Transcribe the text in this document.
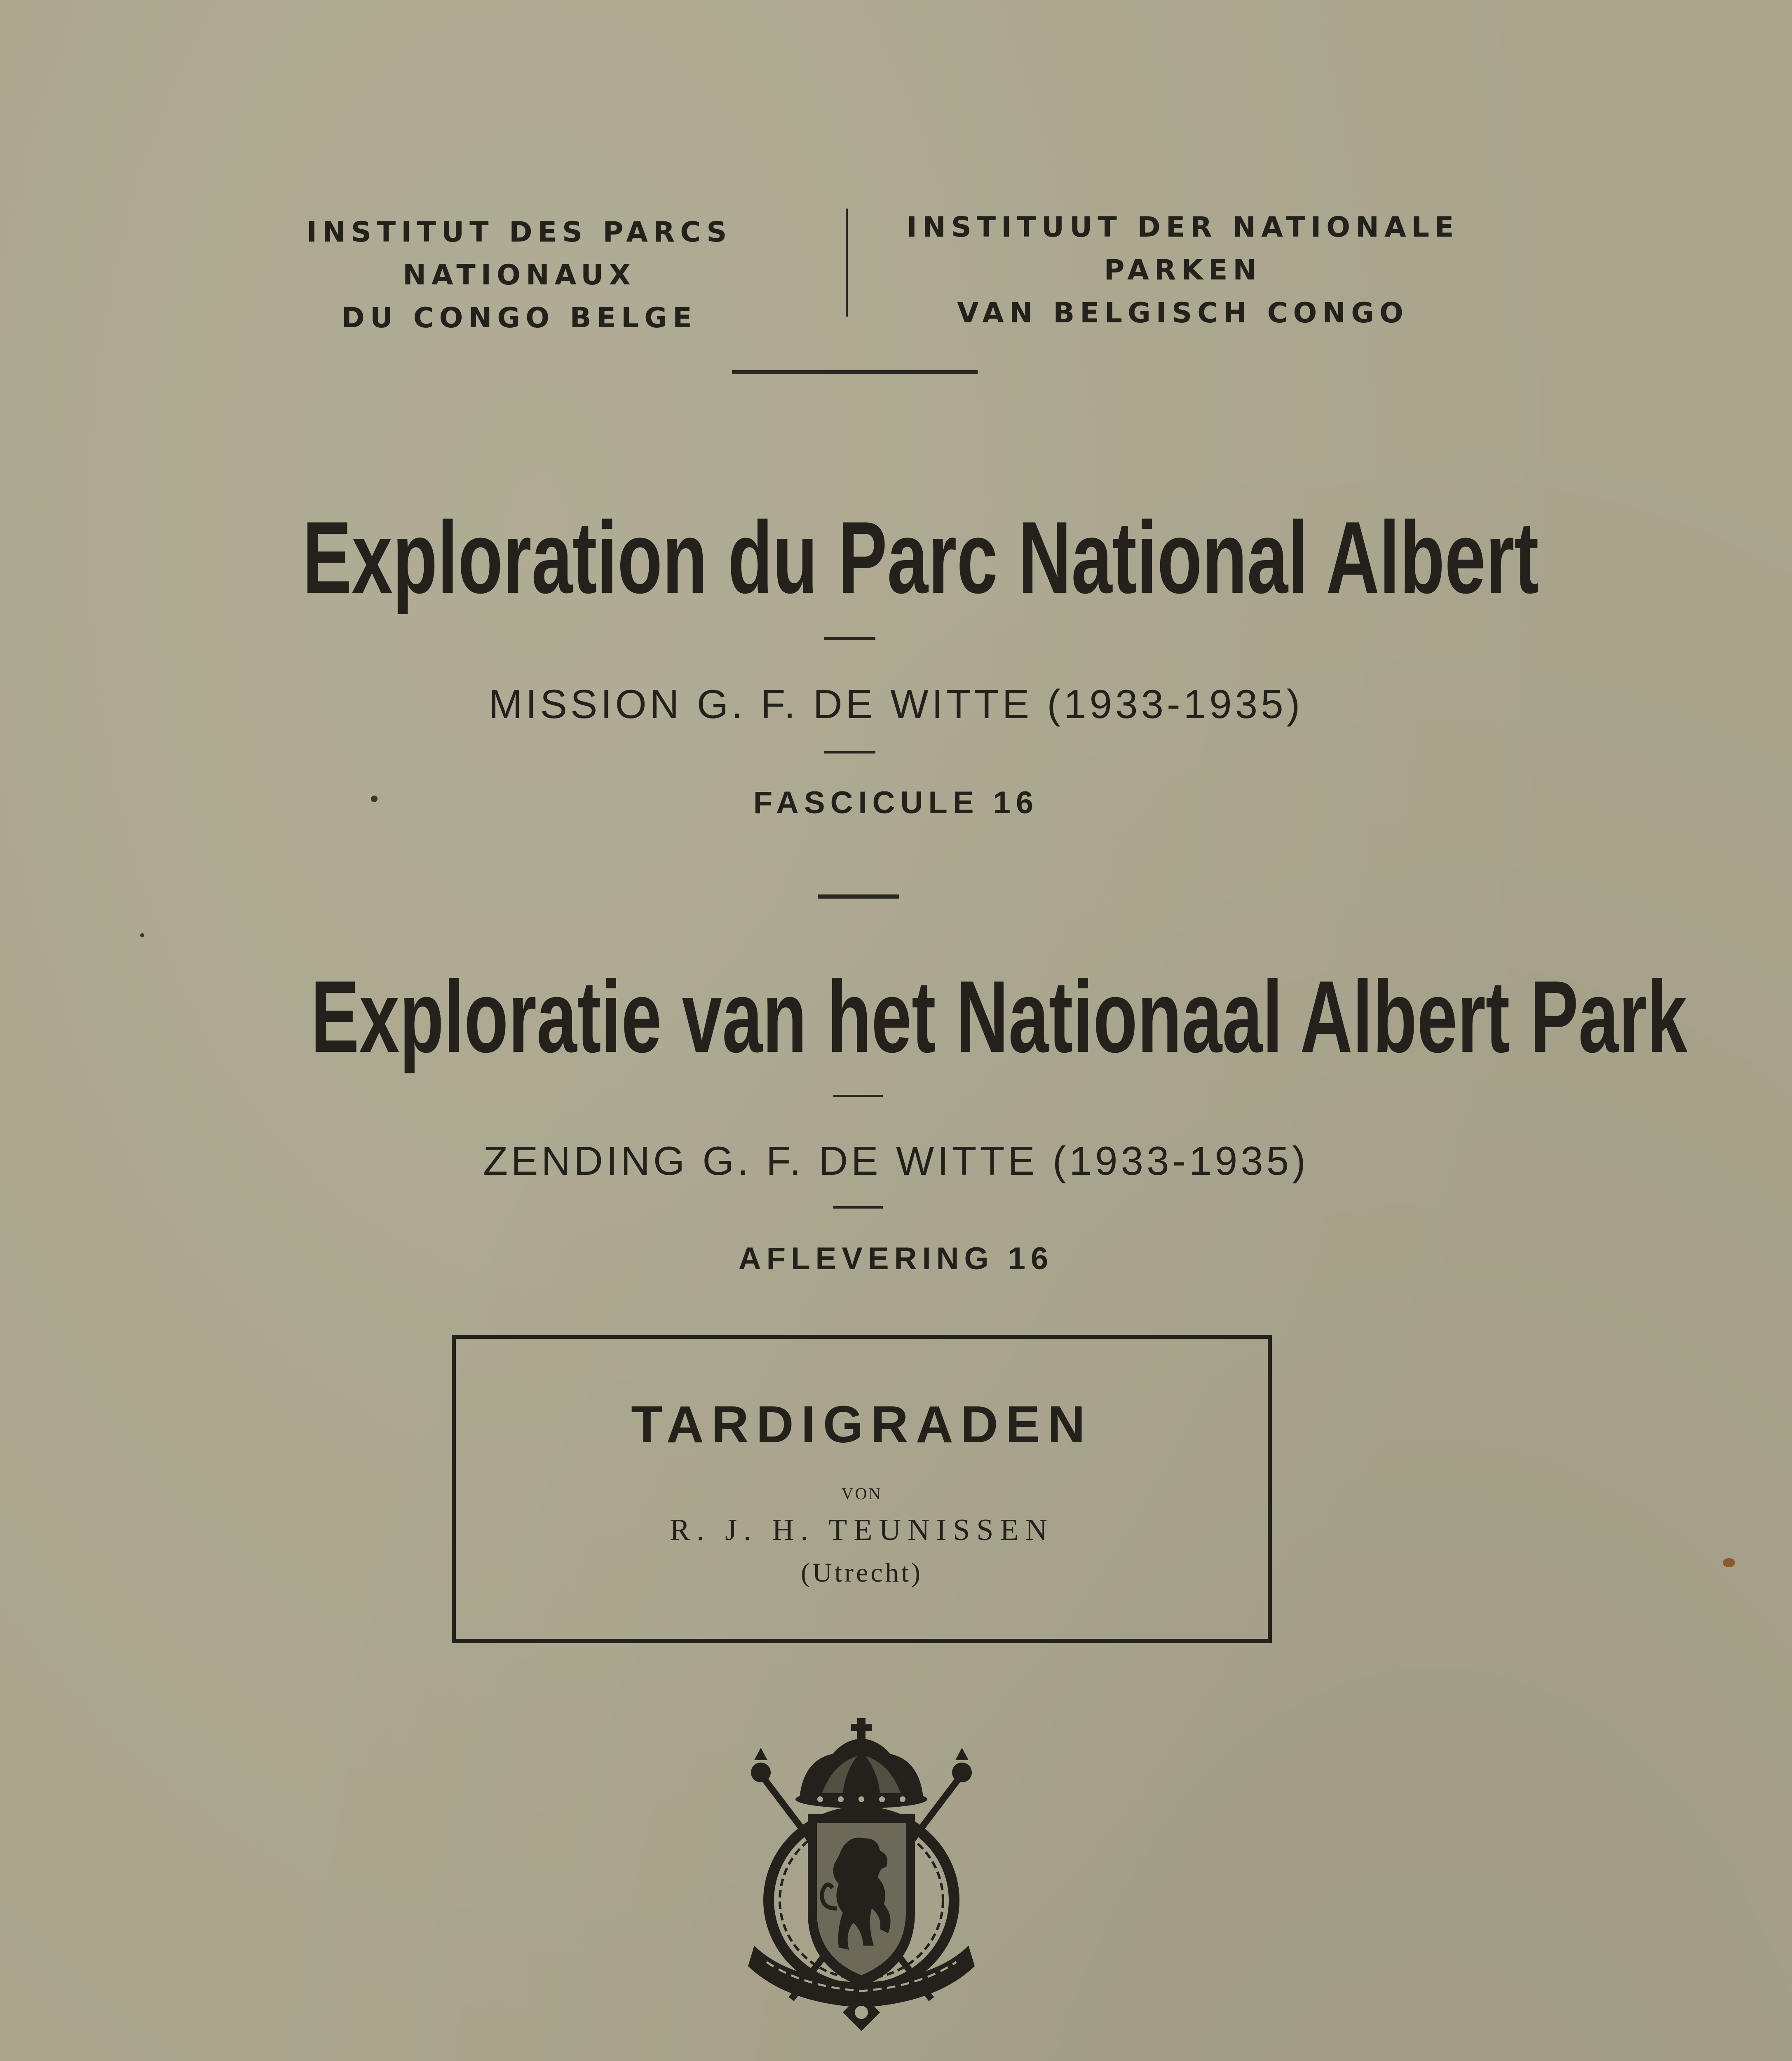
INSTITUT DES PARCS NATIONAUX
DU CONGO BELGE
INSTITUUT DER NATIONALE PARKEN
VAN BELGISCH CONGO
Exploration du Parc National Albert
MISSION G. F. DE WITTE (1933-1935)
FASCICULE 16
Exploratie van het Nationaal Albert Park
ZENDING G. F. DE WITTE (1933-1935)
AFLEVERING 16
TARDIGRADEN
VON
R. J. H. TEUNISSEN
(Utrecht)
